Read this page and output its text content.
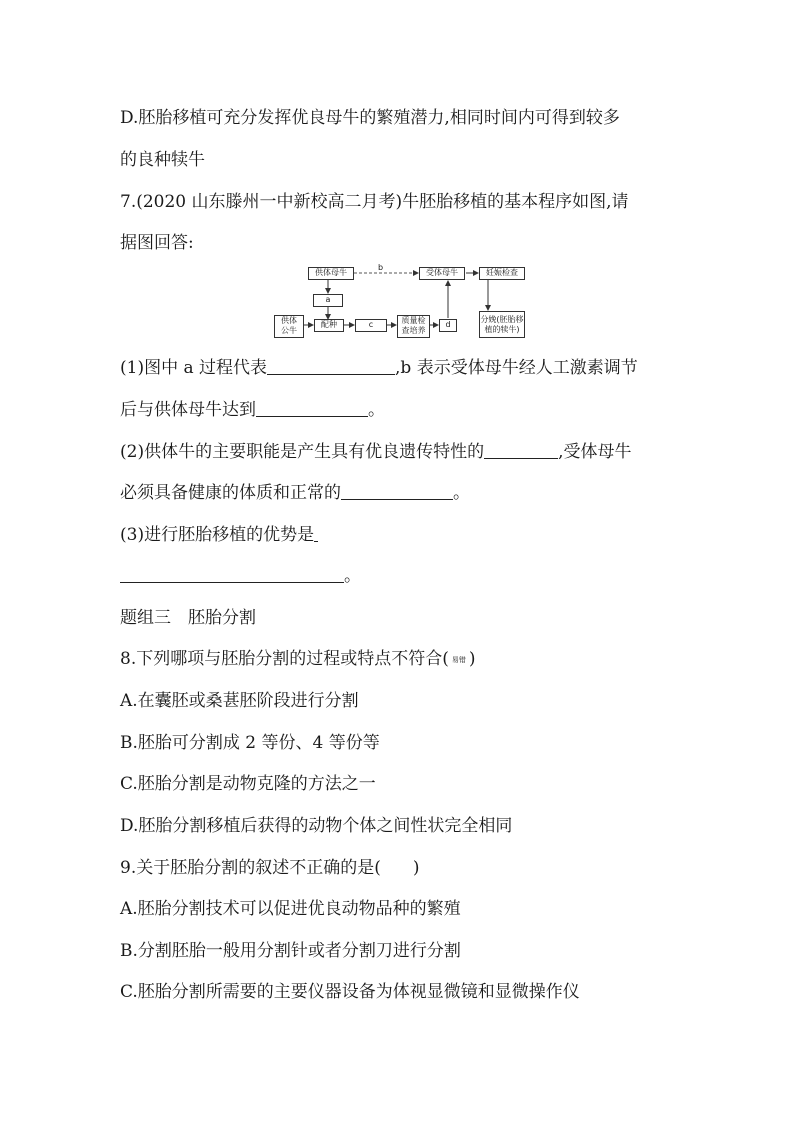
D.胚胎移植可充分发挥优良母牛的繁殖潜力,相同时间内可得到较多
的良种犊牛
7.(2020 山东滕州一中新校高二月考)牛胚胎移植的基本程序如图,请
据图回答:
供体母牛
b
受体母牛	妊娠检查
a
供体
公牛
配种	c	质量检
查培养
d
分娩(胚胎移
植的犊牛)
(1)图中 a 过程代表	,b 表示受体母牛经人工激素调节
后与供体母牛达到	。
(2)供体牛的主要职能是产生具有优良遗传特性的	,受体母牛
必须具备健康的体质和正常的	。
(3)进行胚胎移植的优势是
。
题组三　胚胎分割
8.下列哪项与胚胎分割的过程或特点不符合( 易错 )
A.在囊胚或桑葚胚阶段进行分割
B.胚胎可分割成 2 等份、4 等份等
C.胚胎分割是动物克隆的方法之一
D.胚胎分割移植后获得的动物个体之间性状完全相同
9.关于胚胎分割的叙述不正确的是( )
A.胚胎分割技术可以促进优良动物品种的繁殖
B.分割胚胎一般用分割针或者分割刀进行分割
C.胚胎分割所需要的主要仪器设备为体视显微镜和显微操作仪
